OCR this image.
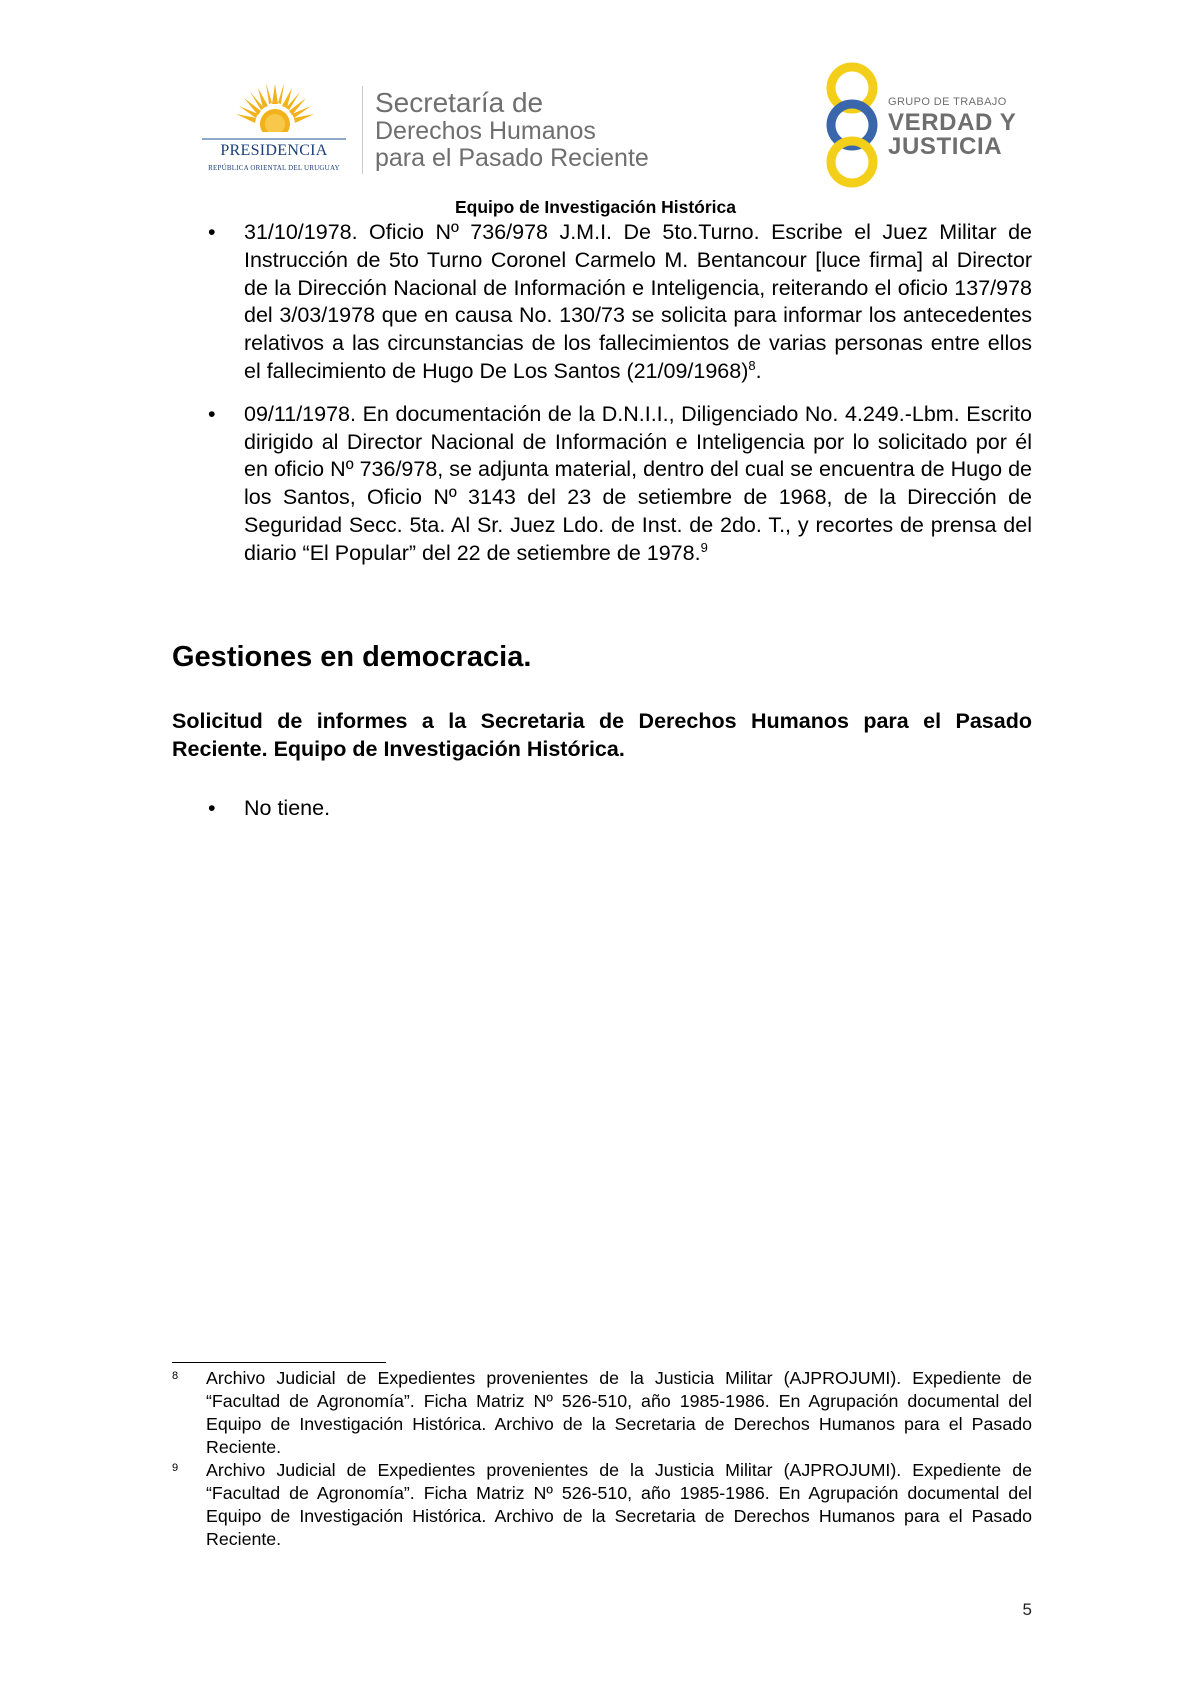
PRESIDENCIA
REPÚBLICA ORIENTAL DEL URUGUAY
Secretaría de
Derechos Humanos
para el Pasado Reciente
GRUPO DE TRABAJO
VERDAD Y
JUSTICIA
Equipo de Investigación Histórica
• 31/10/1978. Oficio Nº 736/978 J.M.I. De 5to.Turno. Escribe el Juez Militar de Instrucción de 5to Turno Coronel Carmelo M. Bentancour [luce firma] al Director de la Dirección Nacional de Información e Inteligencia, reiterando el oficio 137/978 del 3/03/1978 que en causa No. 130/73 se solicita para informar los antecedentes relativos a las circunstancias de los fallecimientos de varias personas entre ellos el fallecimiento de Hugo De Los Santos (21/09/1968)$^8$.
• 09/11/1978. En documentación de la D.N.I.I., Diligenciado No. 4.249.-Lbm. Escrito dirigido al Director Nacional de Información e Inteligencia por lo solicitado por él en oficio Nº 736/978, se adjunta material, dentro del cual se encuentra de Hugo de los Santos, Oficio Nº 3143 del 23 de setiembre de 1968, de la Dirección de Seguridad Secc. 5ta. Al Sr. Juez Ldo. de Inst. de 2do. T., y recortes de prensa del diario “El Popular” del 22 de setiembre de 1978.$^9$
Gestiones en democracia.
Solicitud de informes a la Secretaria de Derechos Humanos para el Pasado Reciente. Equipo de Investigación Histórica.
• No tiene.
8 Archivo Judicial de Expedientes provenientes de la Justicia Militar (AJPROJUMI). Expediente de “Facultad de Agronomía”. Ficha Matriz Nº 526-510, año 1985-1986. En Agrupación documental del Equipo de Investigación Histórica. Archivo de la Secretaria de Derechos Humanos para el Pasado Reciente.
9 Archivo Judicial de Expedientes provenientes de la Justicia Militar (AJPROJUMI). Expediente de “Facultad de Agronomía”. Ficha Matriz Nº 526-510, año 1985-1986. En Agrupación documental del Equipo de Investigación Histórica. Archivo de la Secretaria de Derechos Humanos para el Pasado Reciente.
5
